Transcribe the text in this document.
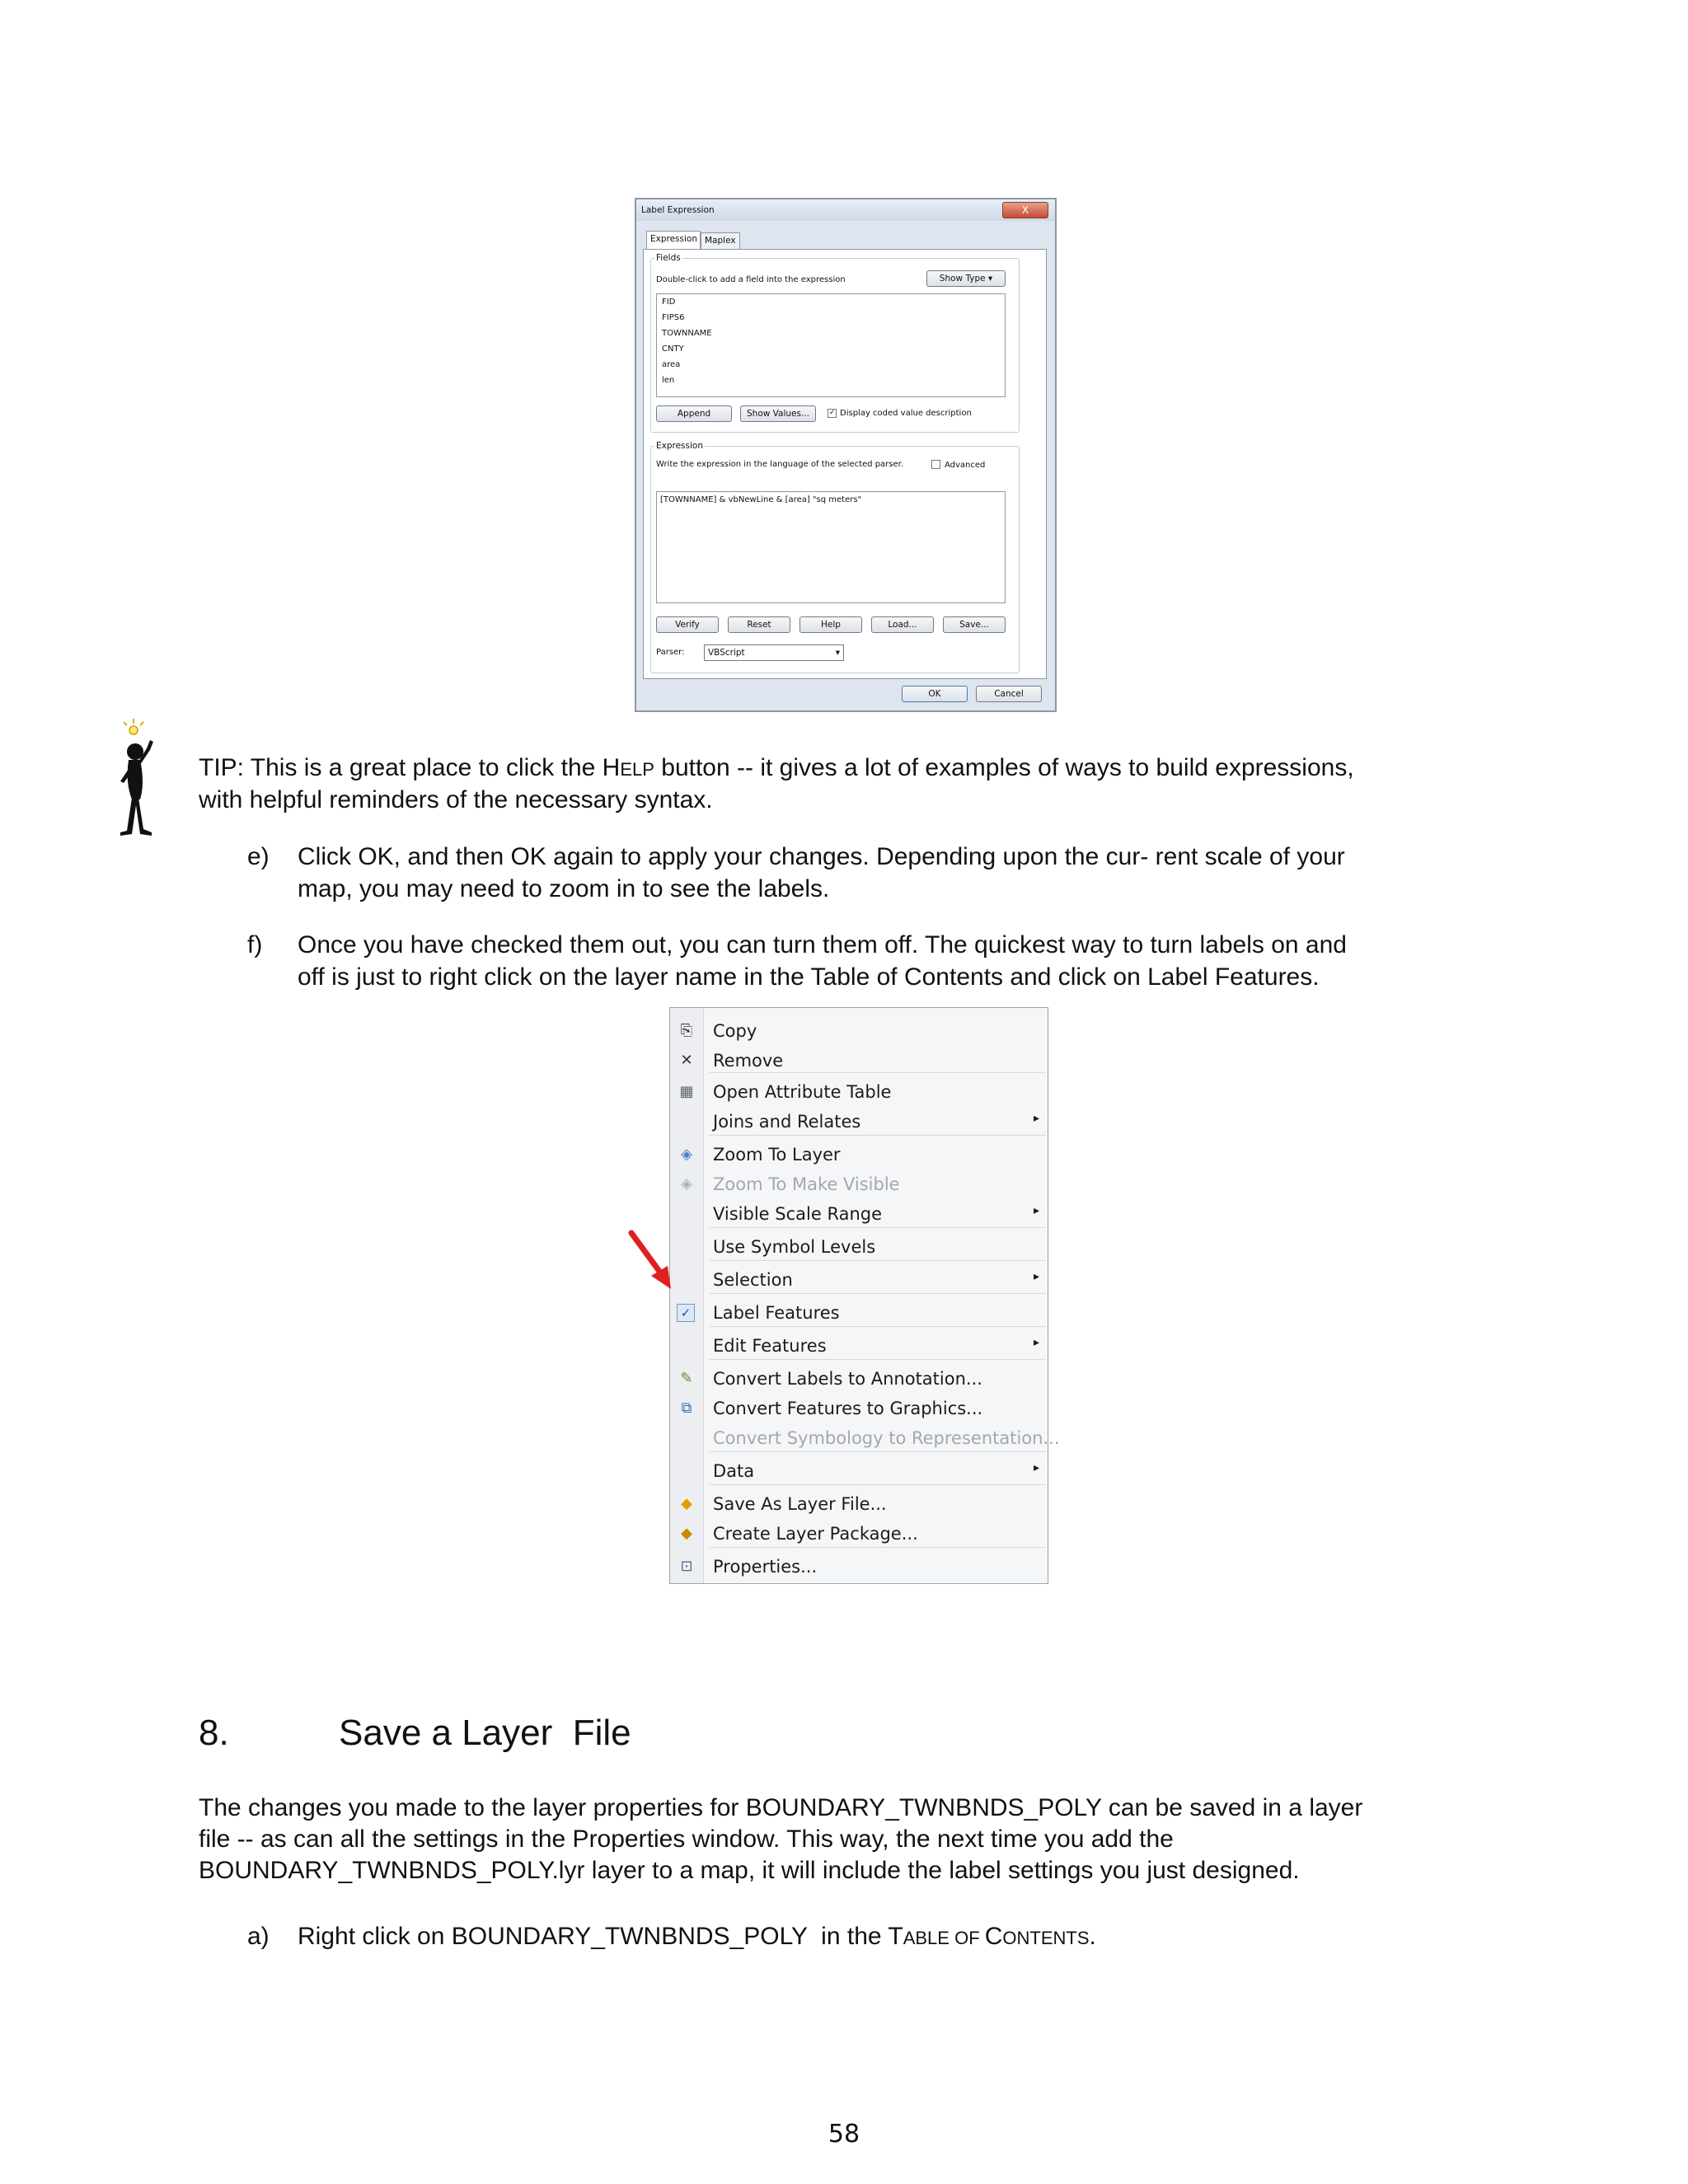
Label Expression	X
Expression Maplex
Fields
Double-click to add a field into the expression	Show Type ▾
FID
FIPS6
TOWNNAME
CNTY
area
len
Append	Show Values...	✓ Display coded value description
Expression
Write the expression in the language of the selected parser.	Advanced
[TOWNNAME] & vbNewLine & [area] "sq meters"
Verify	Reset	Help	Load...	Save...
Parser:	VBScript	▾
OK	Cancel
TIP: This is a great place to click the HELP button -- it gives a lot of examples of ways to build expressions,
with helpful reminders of the necessary syntax.
e) Click OK, and then OK again to apply your changes. Depending upon the cur- rent scale of your
map, you may need to zoom in to see the labels.
f) Once you have checked them out, you can turn them off. The quickest way to turn labels on and
off is just to right click on the layer name in the Table of Contents and click on Label Features.
⎘ Copy
✕ Remove
▦ Open Attribute Table
Joins and Relates	▸
◈ Zoom To Layer
◈ Zoom To Make Visible
Visible Scale Range	▸
Use Symbol Levels
Selection	▸
✓ Label Features
Edit Features	▸
✎ Convert Labels to Annotation...
⧉ Convert Features to Graphics...
Convert Symbology to Representation...
Data	▸
◆ Save As Layer File...
◆ Create Layer Package...
⊡ Properties...
8.	Save a Layer  File
The changes you made to the layer properties for BOUNDARY_TWNBNDS_POLY can be saved in a layer
file -- as can all the settings in the Properties window. This way, the next time you add the
BOUNDARY_TWNBNDS_POLY.lyr layer to a map, it will include the label settings you just designed.
a) Right click on BOUNDARY_TWNBNDS_POLY  in the TABLE OF CONTENTS.
58
